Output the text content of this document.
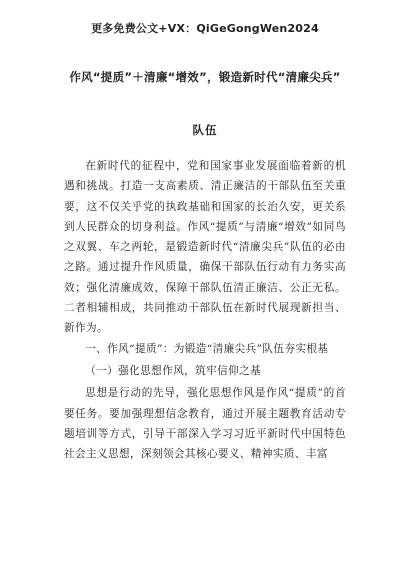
更多免费公文+VX：QiGeGongWen2024
作风“提质”＋清廉“增效”，锻造新时代“清廉尖兵”
队伍

在新时代的征程中，党和国家事业发展面临着新的机遇和挑战。打造一支高素质、清正廉洁的干部队伍至关重要，这不仅关乎党的执政基础和国家的长治久安，更关系到人民群众的切身利益。作风“提质”与清廉“增效”如同鸟之双翼、车之两轮，是锻造新时代“清廉尖兵”队伍的必由之路。通过提升作风质量，确保干部队伍行动有力务实高效；强化清廉成效，保障干部队伍清正廉洁、公正无私。二者相辅相成，共同推动干部队伍在新时代展现新担当、新作为。

一、作风“提质”：为锻造“清廉尖兵”队伍夯实根基

（一）强化思想作风，筑牢信仰之基

思想是行动的先导，强化思想作风是作风“提质”的首要任务。要加强理想信念教育，通过开展主题教育活动专题培训等方式，引导干部深入学习习近平新时代中国特色社会主义思想，深刻领会其核心要义、精神实质、丰富
